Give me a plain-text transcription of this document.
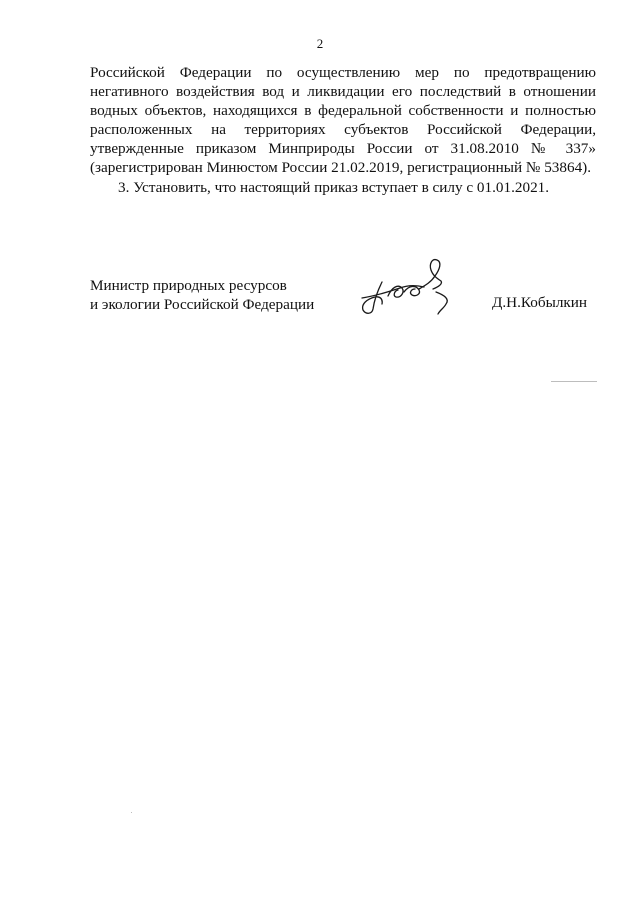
2
Российской Федерации по осуществлению мер по предотвращению
негативного воздействия вод и ликвидации его последствий в отношении
водных объектов, находящихся в федеральной собственности и полностью
расположенных на территориях субъектов Российской Федерации,
утвержденные приказом Минприроды России от 31.08.2010 № 337»
(зарегистрирован Минюстом России 21.02.2019, регистрационный № 53864).
3. Установить, что настоящий приказ вступает в силу с 01.01.2021.
Министр природных ресурсов
и экологии Российской Федерации	Д.Н.Кобылкин
